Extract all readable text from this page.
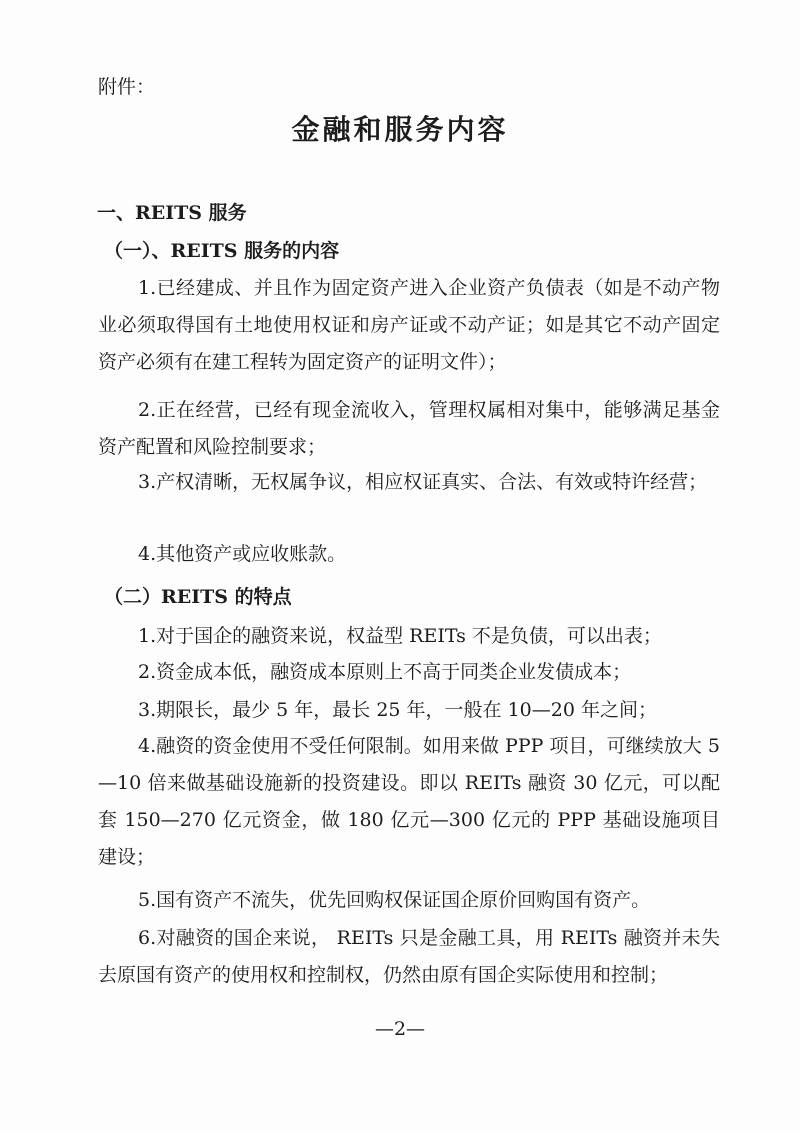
附件：
金融和服务内容
一、REITS 服务
（一）、REITS 服务的内容

1.已经建成、并且作为固定资产进入企业资产负债表（如是不动产物业必须取得国有土地使用权证和房产证或不动产证；如是其它不动产固定资产必须有在建工程转为固定资产的证明文件）；

2.正在经营，已经有现金流收入，管理权属相对集中，能够满足基金资产配置和风险控制要求；

3.产权清晰，无权属争议，相应权证真实、合法、有效或特许经营；

4.其他资产或应收账款。

（二）REITS 的特点

1.对于国企的融资来说，权益型 REITs 不是负债，可以出表；

2.资金成本低，融资成本原则上不高于同类企业发债成本；

3.期限长，最少 5 年，最长 25 年，一般在 10—20 年之间；

4.融资的资金使用不受任何限制。如用来做 PPP 项目，可继续放大 5—10 倍来做基础设施新的投资建设。即以 REITs 融资 30 亿元，可以配套 150—270 亿元资金，做 180 亿元—300 亿元的 PPP 基础设施项目建设；

5.国有资产不流失，优先回购权保证国企原价回购国有资产。

6.对融资的国企来说， REITs 只是金融工具，用 REITs 融资并未失去原国有资产的使用权和控制权，仍然由原有国企实际使用和控制；

—2—
